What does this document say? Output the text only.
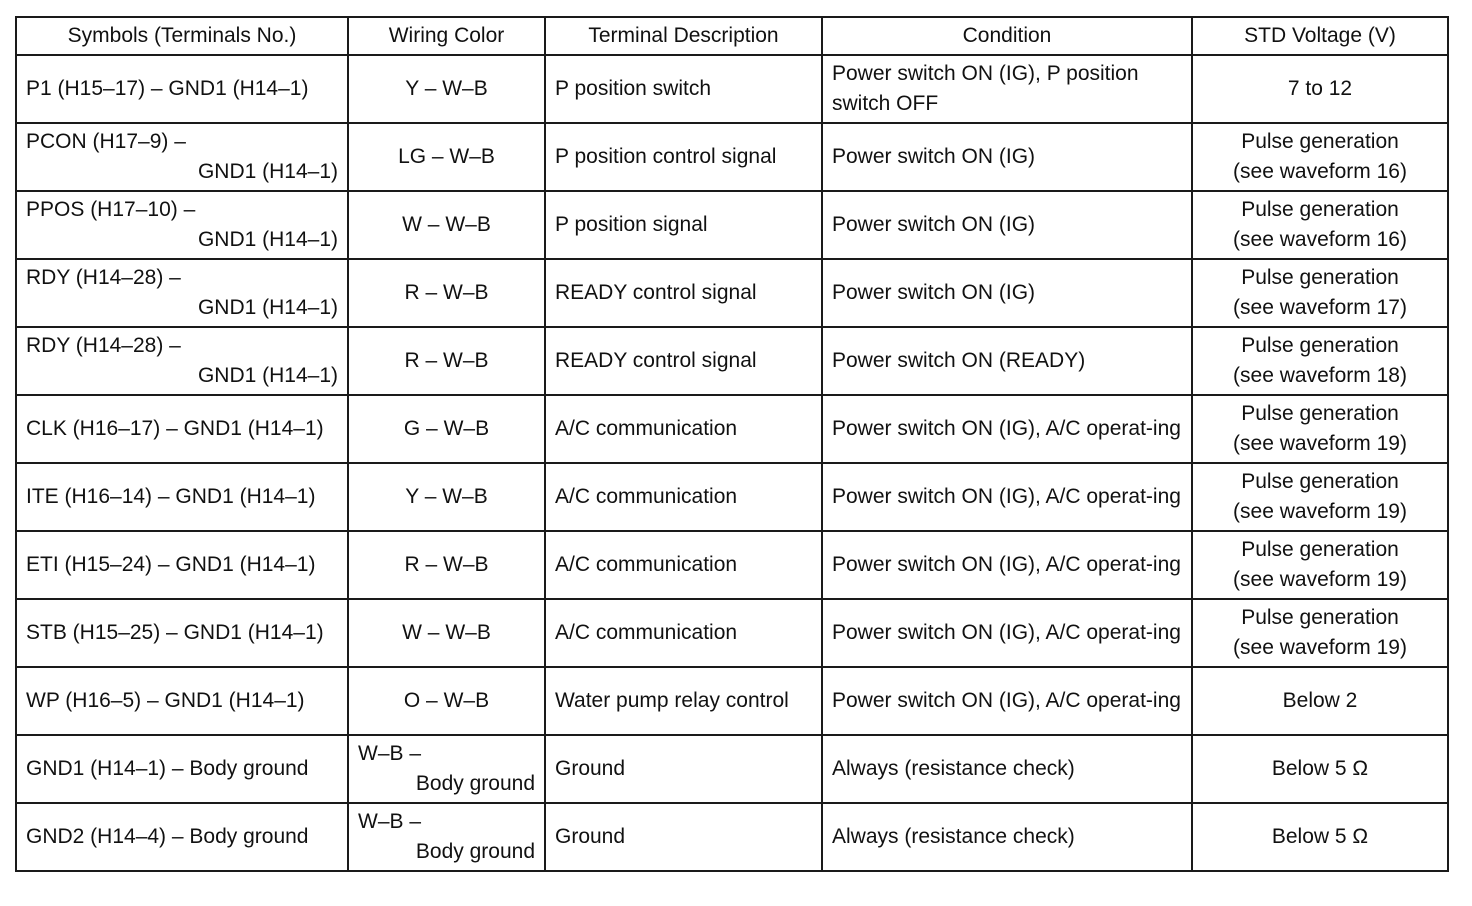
Symbols (Terminals No.)	Wiring Color	Terminal Description	Condition	STD Voltage (V)

P1 (H15–17) – GND1 (H14–1)	Y – W–B	P position switch	Power switch ON (IG), P position switch OFF	7 to 12

PCON (H17–9) –
GND1 (H14–1)	LG – W–B	P position control signal	Power switch ON (IG)	Pulse generation
(see waveform 16)

PPOS (H17–10) –
GND1 (H14–1)	W – W–B	P position signal	Power switch ON (IG)	Pulse generation
(see waveform 16)

RDY (H14–28) –
GND1 (H14–1)	R – W–B	READY control signal	Power switch ON (IG)	Pulse generation
(see waveform 17)

RDY (H14–28) –
GND1 (H14–1)	R – W–B	READY control signal	Power switch ON (READY)	Pulse generation
(see waveform 18)

CLK (H16–17) – GND1 (H14–1)	G – W–B	A/C communication	Power switch ON (IG), A/C operat-ing	Pulse generation
(see waveform 19)

ITE (H16–14) – GND1 (H14–1)	Y – W–B	A/C communication	Power switch ON (IG), A/C operat-ing	Pulse generation
(see waveform 19)

ETI (H15–24) – GND1 (H14–1)	R – W–B	A/C communication	Power switch ON (IG), A/C operat-ing	Pulse generation
(see waveform 19)

STB (H15–25) – GND1 (H14–1)	W – W–B	A/C communication	Power switch ON (IG), A/C operat-ing	Pulse generation
(see waveform 19)

WP (H16–5) – GND1 (H14–1)	O – W–B	Water pump relay control	Power switch ON (IG), A/C operat-ing	Below 2

GND1 (H14–1) – Body ground	W–B –
Body ground	Ground	Always (resistance check)	Below 5 Ω

GND2 (H14–4) – Body ground	W–B –
Body ground	Ground	Always (resistance check)	Below 5 Ω
